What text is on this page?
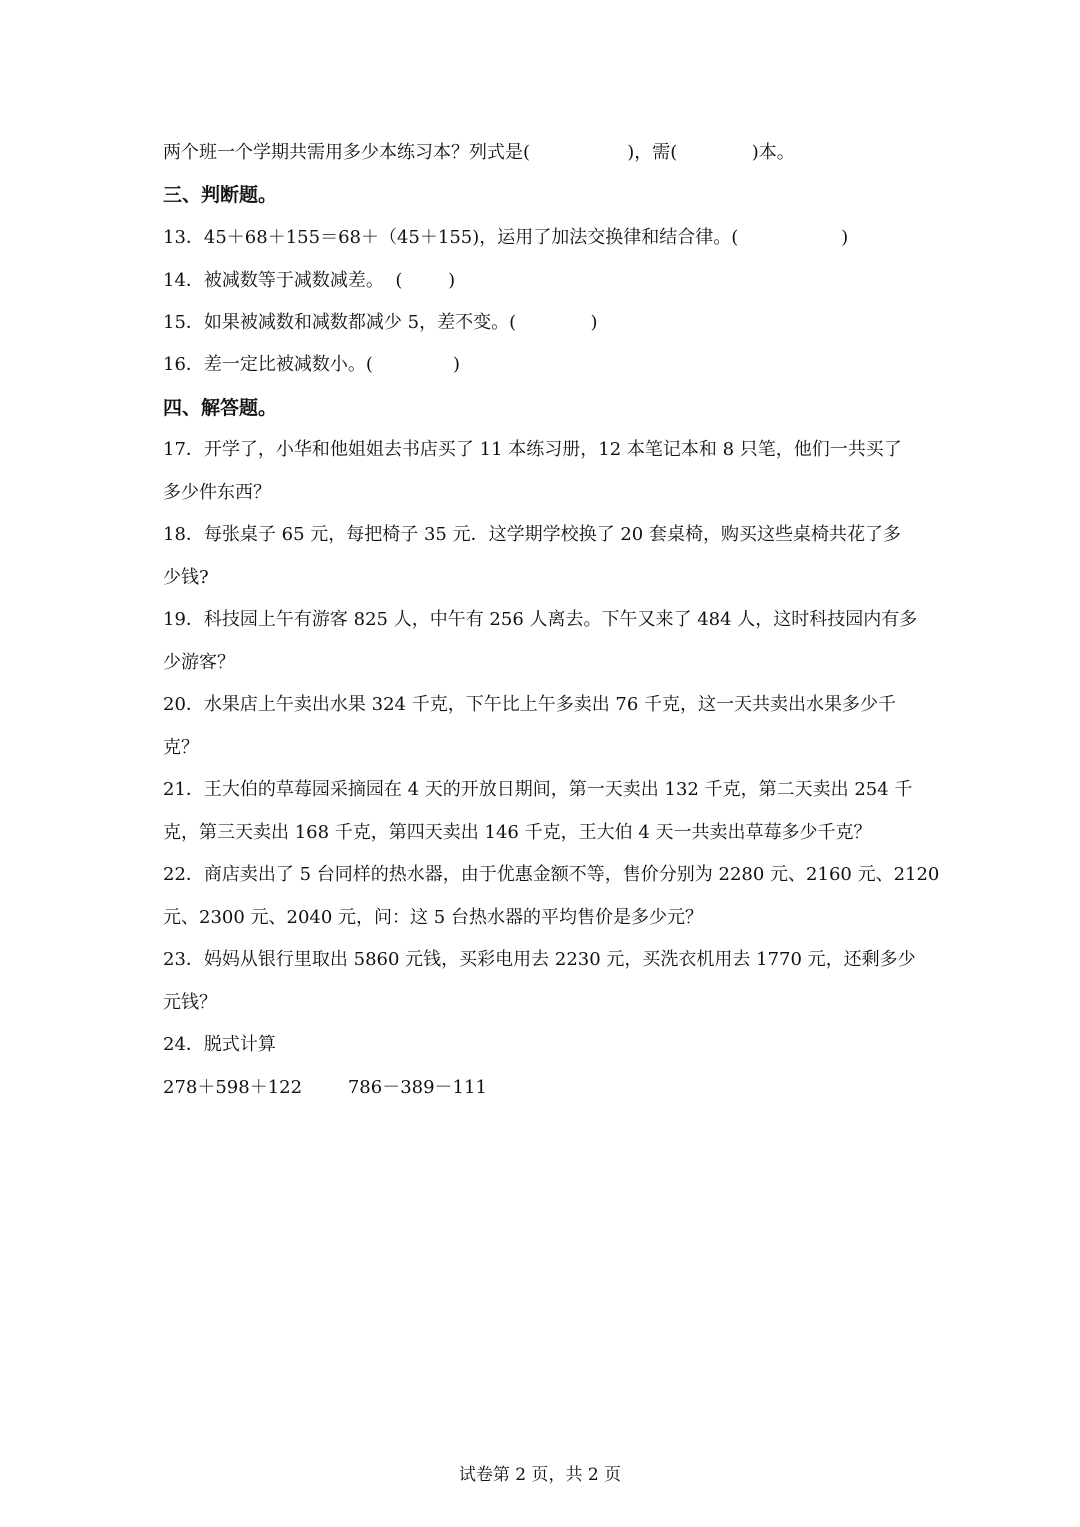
两个班一个学期共需用多少本练习本？列式是(                 )，需(             )本。
三、判断题。
13．45＋68＋155＝68＋（45＋155)，运用了加法交换律和结合律。(                  )
14．被减数等于减数减差。  (        )
15．如果被减数和减数都减少 5，差不变。(             )
16．差一定比被减数小。(              )
四、解答题。
17．开学了，小华和他姐姐去书店买了 11 本练习册，12 本笔记本和 8 只笔，他们一共买了
多少件东西？
18．每张桌子 65 元，每把椅子 35 元．这学期学校换了 20 套桌椅，购买这些桌椅共花了多
少钱?
19．科技园上午有游客 825 人，中午有 256 人离去。下午又来了 484 人，这时科技园内有多
少游客？
20．水果店上午卖出水果 324 千克，下午比上午多卖出 76 千克，这一天共卖出水果多少千
克？
21．王大伯的草莓园采摘园在 4 天的开放日期间，第一天卖出 132 千克，第二天卖出 254 千
克，第三天卖出 168 千克，第四天卖出 146 千克，王大伯 4 天一共卖出草莓多少千克？
22．商店卖出了 5 台同样的热水器，由于优惠金额不等，售价分别为 2280 元、2160 元、2120
元、2300 元、2040 元，问：这 5 台热水器的平均售价是多少元？
23．妈妈从银行里取出 5860 元钱，买彩电用去 2230 元，买洗衣机用去 1770 元，还剩多少
元钱？
24．脱式计算
278＋598＋122        786－389－111
试卷第 2 页，共 2 页
